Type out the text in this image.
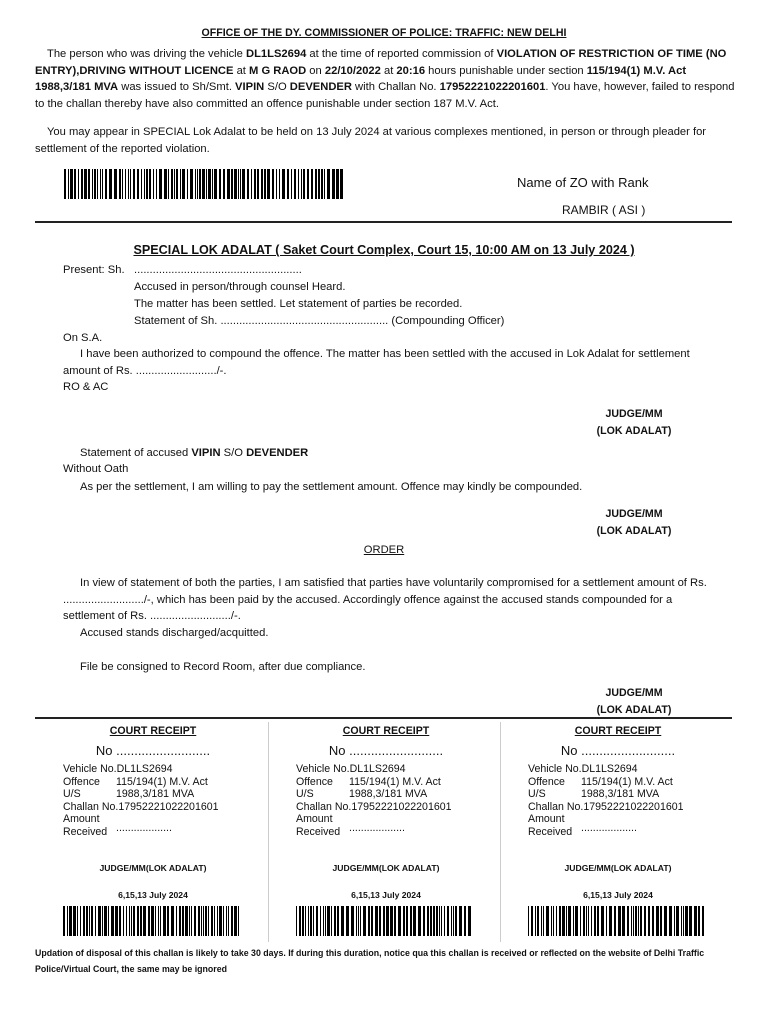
OFFICE OF THE DY. COMMISSIONER OF POLICE: TRAFFIC: NEW DELHI
The person who was driving the vehicle DL1LS2694 at the time of reported commission of VIOLATION OF RESTRICTION OF TIME (NO ENTRY),DRIVING WITHOUT LICENCE at M G RAOD on 22/10/2022 at 20:16 hours punishable under section 115/194(1) M.V. Act 1988,3/181 MVA was issued to Sh/Smt. VIPIN S/O DEVENDER with Challan No. 17952221022201601. You have, however, failed to respond to the challan thereby have also committed an offence punishable under section 187 M.V. Act.
You may appear in SPECIAL Lok Adalat to be held on 13 July 2024 at various complexes mentioned, in person or through pleader for settlement of the reported violation.
Name of ZO with Rank
RAMBIR ( ASI )
SPECIAL LOK ADALAT ( Saket Court Complex, Court 15, 10:00 AM on 13 July 2024 )
Present: Sh. ......................................................
Accused in person/through counsel Heard.
The matter has been settled. Let statement of parties be recorded.
Statement of Sh. ...................................................... (Compounding Officer)
On S.A.
I have been authorized to compound the offence. The matter has been settled with the accused in Lok Adalat for settlement amount of Rs. ........................../-.
RO & AC
JUDGE/MM
(LOK ADALAT)
Statement of accused VIPIN S/O DEVENDER
Without Oath
As per the settlement, I am willing to pay the settlement amount. Offence may kindly be compounded.
JUDGE/MM
(LOK ADALAT)
ORDER
In view of statement of both the parties, I am satisfied that parties have voluntarily compromised for a settlement amount of Rs. ........................../-, which has been paid by the accused. Accordingly offence against the accused stands compounded for a settlement of Rs. ........................../-.
Accused stands discharged/acquitted.
File be consigned to Record Room, after due compliance.
JUDGE/MM
(LOK ADALAT)
COURT RECEIPT
No ..........................
Vehicle No. DL1LS2694
Offence	115/194(1) M.V. Act
U/S	1988,3/181 MVA
Challan No. 17952221022201601
Amount
Received ...................
JUDGE/MM(LOK ADALAT)
6,15,13 July 2024
COURT RECEIPT
No ..........................
Vehicle No. DL1LS2694
Offence	115/194(1) M.V. Act
U/S	1988,3/181 MVA
Challan No. 17952221022201601
Amount
Received ...................
JUDGE/MM(LOK ADALAT)
6,15,13 July 2024
COURT RECEIPT
No ..........................
Vehicle No. DL1LS2694
Offence	115/194(1) M.V. Act
U/S	1988,3/181 MVA
Challan No. 17952221022201601
Amount
Received ...................
JUDGE/MM(LOK ADALAT)
6,15,13 July 2024
Updation of disposal of this challan is likely to take 30 days. If during this duration, notice qua this challan is received or reflected on the website of Delhi Traffic Police/Virtual Court, the same may be ignored
